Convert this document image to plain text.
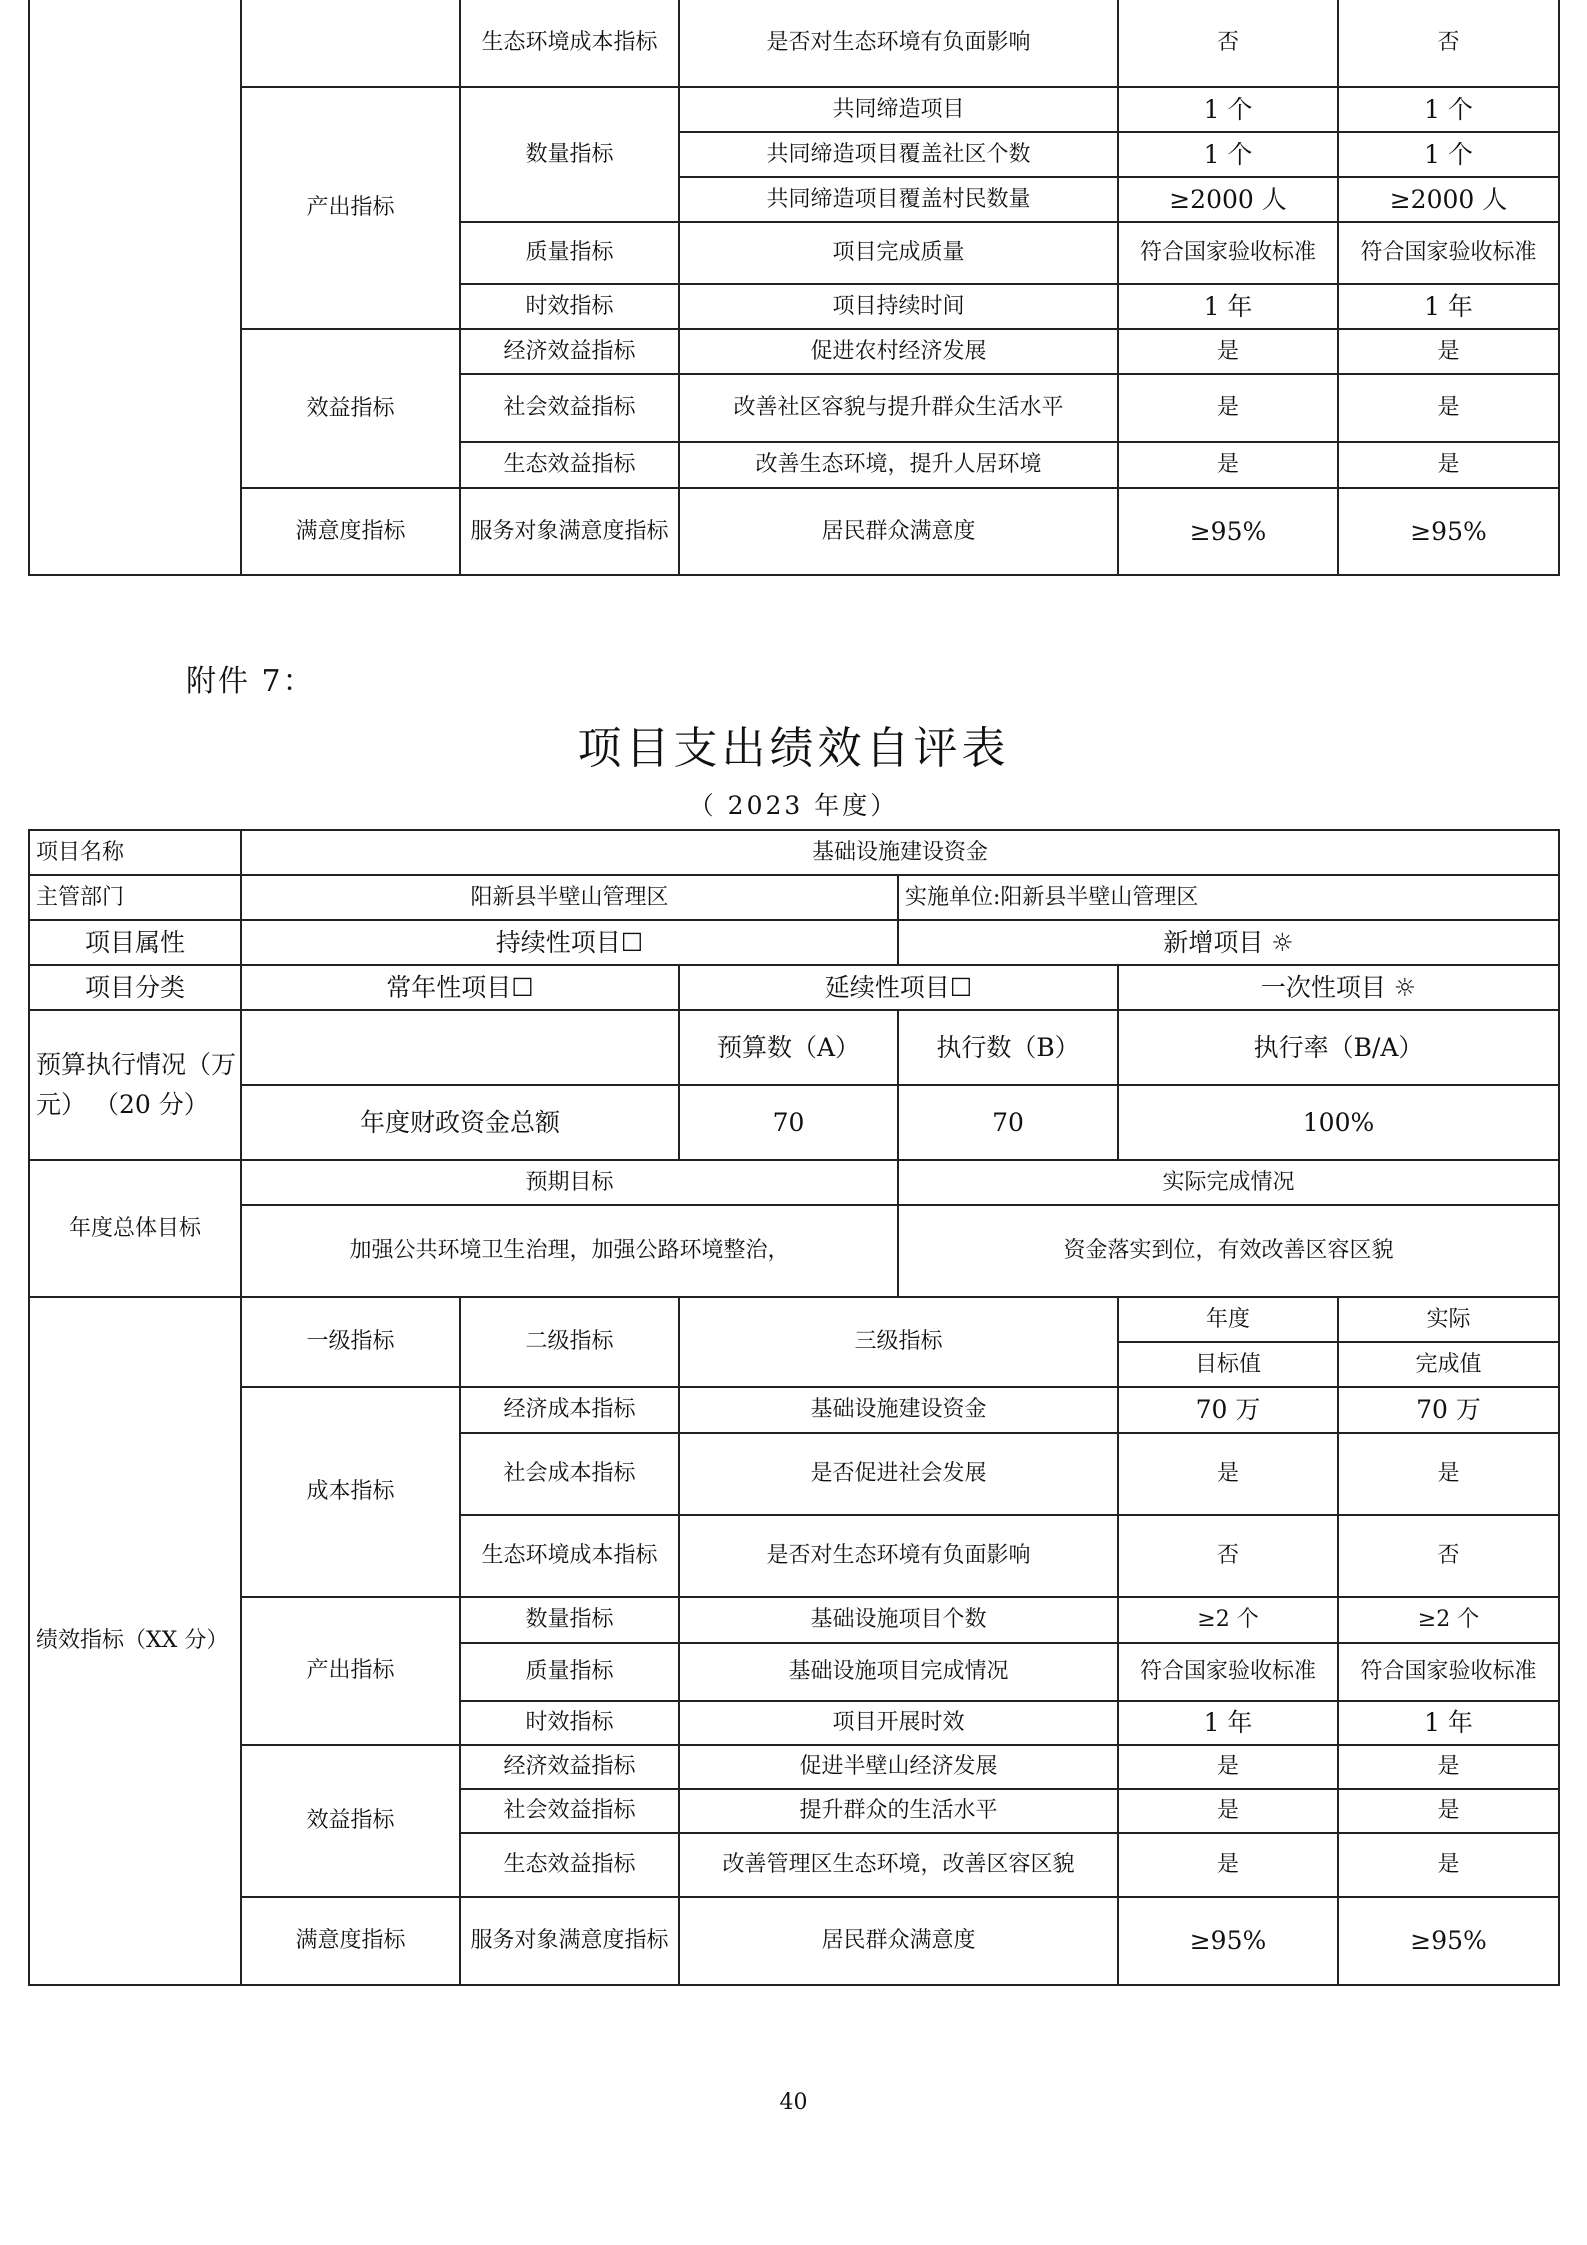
		生态环境成本指标	是否对生态环境有负面影响	否	否
	产出指标	数量指标	共同缔造项目	1 个	1 个
			共同缔造项目覆盖社区个数	1 个	1 个
			共同缔造项目覆盖村民数量	≥2000 人	≥2000 人
		质量指标	项目完成质量	符合国家验收标准	符合国家验收标准
		时效指标	项目持续时间	1 年	1 年
	效益指标	经济效益指标	促进农村经济发展	是	是
		社会效益指标	改善社区容貌与提升群众生活水平	是	是
		生态效益指标	改善生态环境，提升人居环境	是	是
	满意度指标	服务对象满意度指标	居民群众满意度	≥95%	≥95%
附件 7：
项目支出绩效自评表
（ 2023 年度）
项目名称	基础设施建设资金					
主管部门	阳新县半壁山管理区			实施单位:阳新县半壁山管理区		
项目属性	持续性项目☐			新增项目 ☼		
项目分类	常年性项目☐		延续性项目☐		一次性项目 ☼	
预算执行情况（万元） （20 分）			预算数（A）	执行数（B）	执行率（B/A）	
	年度财政资金总额		70	70	100%	
年度总体目标	预期目标			实际完成情况		
	加强公共环境卫生治理，加强公路环境整治，			资金落实到位，有效改善区容区貌		
绩效指标（XX 分）	一级指标	二级指标	三级指标		年度	实际
					目标值	完成值
	成本指标	经济成本指标	基础设施建设资金		70 万	70 万
		社会成本指标	是否促进社会发展		是	是
		生态环境成本指标	是否对生态环境有负面影响		否	否
	产出指标	数量指标	基础设施项目个数		≥2 个	≥2 个
		质量指标	基础设施项目完成情况		符合国家验收标准	符合国家验收标准
		时效指标	项目开展时效		1 年	1 年
	效益指标	经济效益指标	促进半壁山经济发展		是	是
		社会效益指标	提升群众的生活水平		是	是
		生态效益指标	改善管理区生态环境，改善区容区貌		是	是
	满意度指标	服务对象满意度指标	居民群众满意度		≥95%	≥95%
40
